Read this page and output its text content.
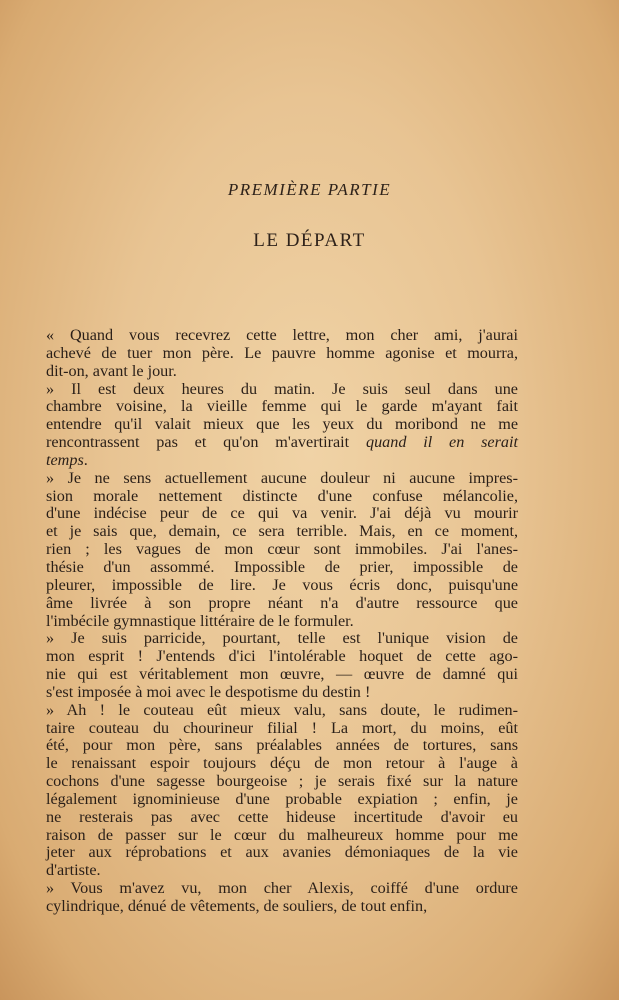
PREMIÈRE PARTIE
LE DÉPART
« Quand vous recevrez cette lettre, mon cher ami, j'aurai
achevé de tuer mon père. Le pauvre homme agonise et mourra,
dit-on, avant le jour.
» Il est deux heures du matin. Je suis seul dans une
chambre voisine, la vieille femme qui le garde m'ayant fait
entendre qu'il valait mieux que les yeux du moribond ne me
rencontrassent pas et qu'on m'avertirait quand il en serait
temps.
» Je ne sens actuellement aucune douleur ni aucune impres-
sion morale nettement distincte d'une confuse mélancolie,
d'une indécise peur de ce qui va venir. J'ai déjà vu mourir
et je sais que, demain, ce sera terrible. Mais, en ce moment,
rien ; les vagues de mon cœur sont immobiles. J'ai l'anes-
thésie d'un assommé. Impossible de prier, impossible de
pleurer, impossible de lire. Je vous écris donc, puisqu'une
âme livrée à son propre néant n'a d'autre ressource que
l'imbécile gymnastique littéraire de le formuler.
» Je suis parricide, pourtant, telle est l'unique vision de
mon esprit ! J'entends d'ici l'intolérable hoquet de cette ago-
nie qui est véritablement mon œuvre, — œuvre de damné qui
s'est imposée à moi avec le despotisme du destin !
» Ah ! le couteau eût mieux valu, sans doute, le rudimen-
taire couteau du chourineur filial ! La mort, du moins, eût
été, pour mon père, sans préalables années de tortures, sans
le renaissant espoir toujours déçu de mon retour à l'auge à
cochons d'une sagesse bourgeoise ; je serais fixé sur la nature
légalement ignominieuse d'une probable expiation ; enfin, je
ne resterais pas avec cette hideuse incertitude d'avoir eu
raison de passer sur le cœur du malheureux homme pour me
jeter aux réprobations et aux avanies démoniaques de la vie
d'artiste.
» Vous m'avez vu, mon cher Alexis, coiffé d'une ordure
cylindrique, dénué de vêtements, de souliers, de tout enfin,
